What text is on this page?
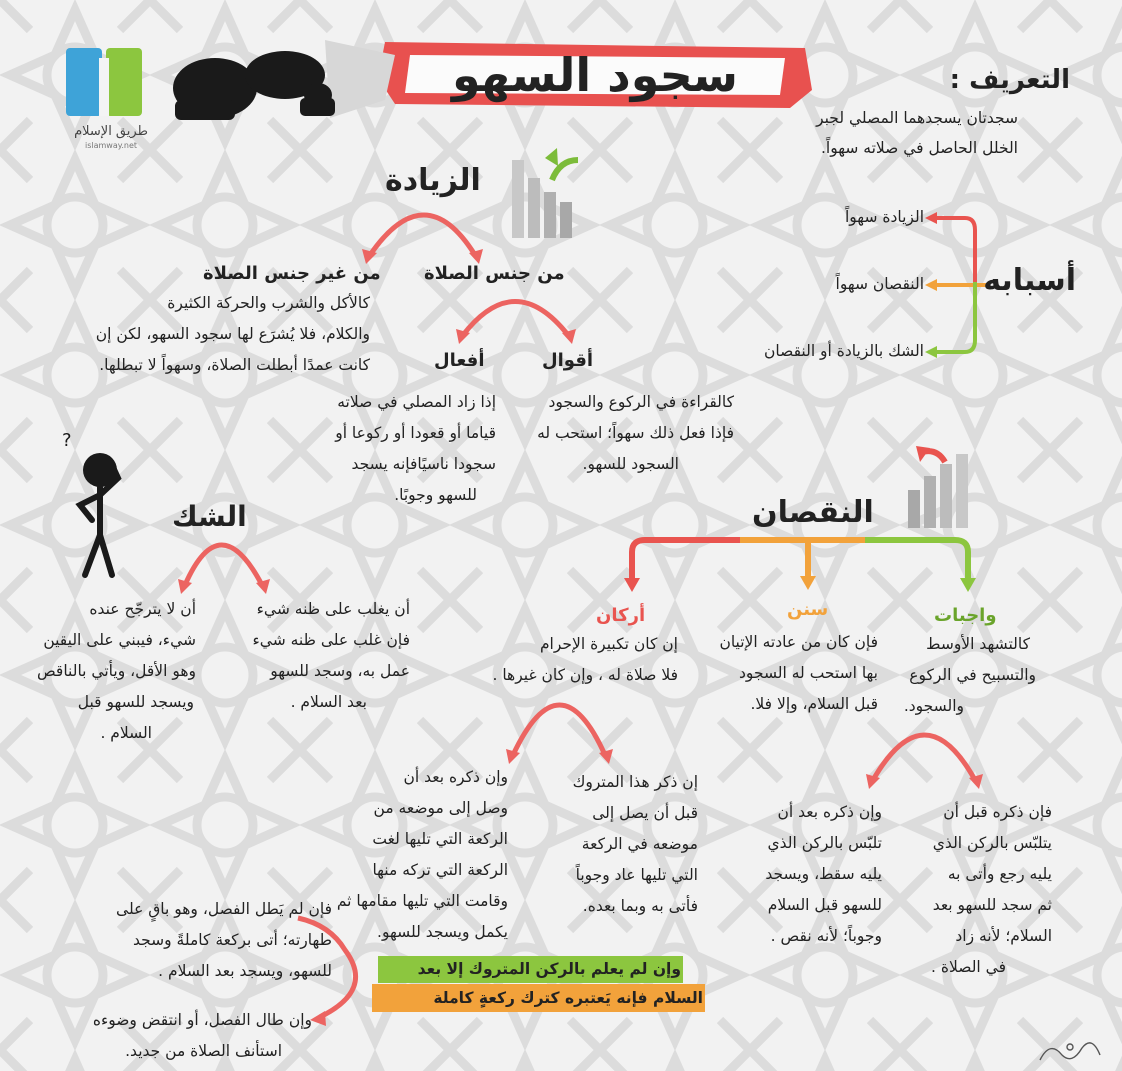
?
سجود السهو
طريق الإسلام
islamway.net
التعريف :
سجدتان يسجدهما المصلي لجبر
الخلل الحاصل في صلاته سهواً.
أسبابه
الزيادة سهواً
النقصان سهواً
الشك بالزيادة أو النقصان
الزيادة
من جنس الصلاة
من غير جنس الصلاة
كالأكل والشرب والحركة الكثيرة
والكلام، فلا يُشرَع لها سجود السهو، لكن إن
كانت عمدًا أبطلت الصلاة، وسهواً لا تبطلها.	أقوال
أفعال
كالقراءة في الركوع والسجود
فإذا فعل ذلك سهواً؛ استحب له
السجود للسهو.
إذا زاد المصلي في صلاته
قياما أو قعودا أو ركوعا أو
سجودا ناسيًافإنه يسجد
للسهو وجوبًا.
الشك
أن لا يترجّح عنده
شيء، فيبني على اليقين
وهو الأقل، ويأتي بالناقص
ويسجد للسهو قبل
السلام .
أن يغلب على ظنه شيء
فإن غلب على ظنه شيء
عمل به، وسجد للسهو
بعد السلام .
النقصان
أركان	سنن	واجبات
إن كان تكبيرة الإحرام
فلا صلاة له ، وإن كان غيرها .
فإن كان من عادته الإتيان
بها استحب له السجود
قبل السلام، وإلا فلا.
كالتشهد الأوسط
والتسبيح في الركوع
والسجود.
إن ذكر هذا المتروك
قبل أن يصل إلى
موضعه في الركعة
التي تليها عاد وجوباً
فأتى به وبما بعده.
وإن ذكره بعد أن
وصل إلى موضعه من
الركعة التي تليها لغت
الركعة التي تركه منها
وقامت التي تليها مقامها ثم
يكمل ويسجد للسهو.
فإن ذكره قبل أن
يتلبّس بالركن الذي
يليه رجع وأتى به
ثم سجد للسهو بعد
السلام؛ لأنه زاد
في الصلاة .
وإن ذكره بعد أن
تلبّس بالركن الذي
يليه سقط، ويسجد
للسهو قبل السلام
وجوباً؛ لأنه نقص .
وإن لم يعلم بالركن المتروك إلا بعد
السلام فإنه يَعتبره كترك ركعةٍ كاملة
فإن لم يَطل الفصل، وهو باقٍ على
طهارته؛ أتى بركعة كاملةً وسجد
للسهو، ويسجد بعد السلام .
وإن طال الفصل، أو انتقض وضوءه
استأنف الصلاة من جديد.
